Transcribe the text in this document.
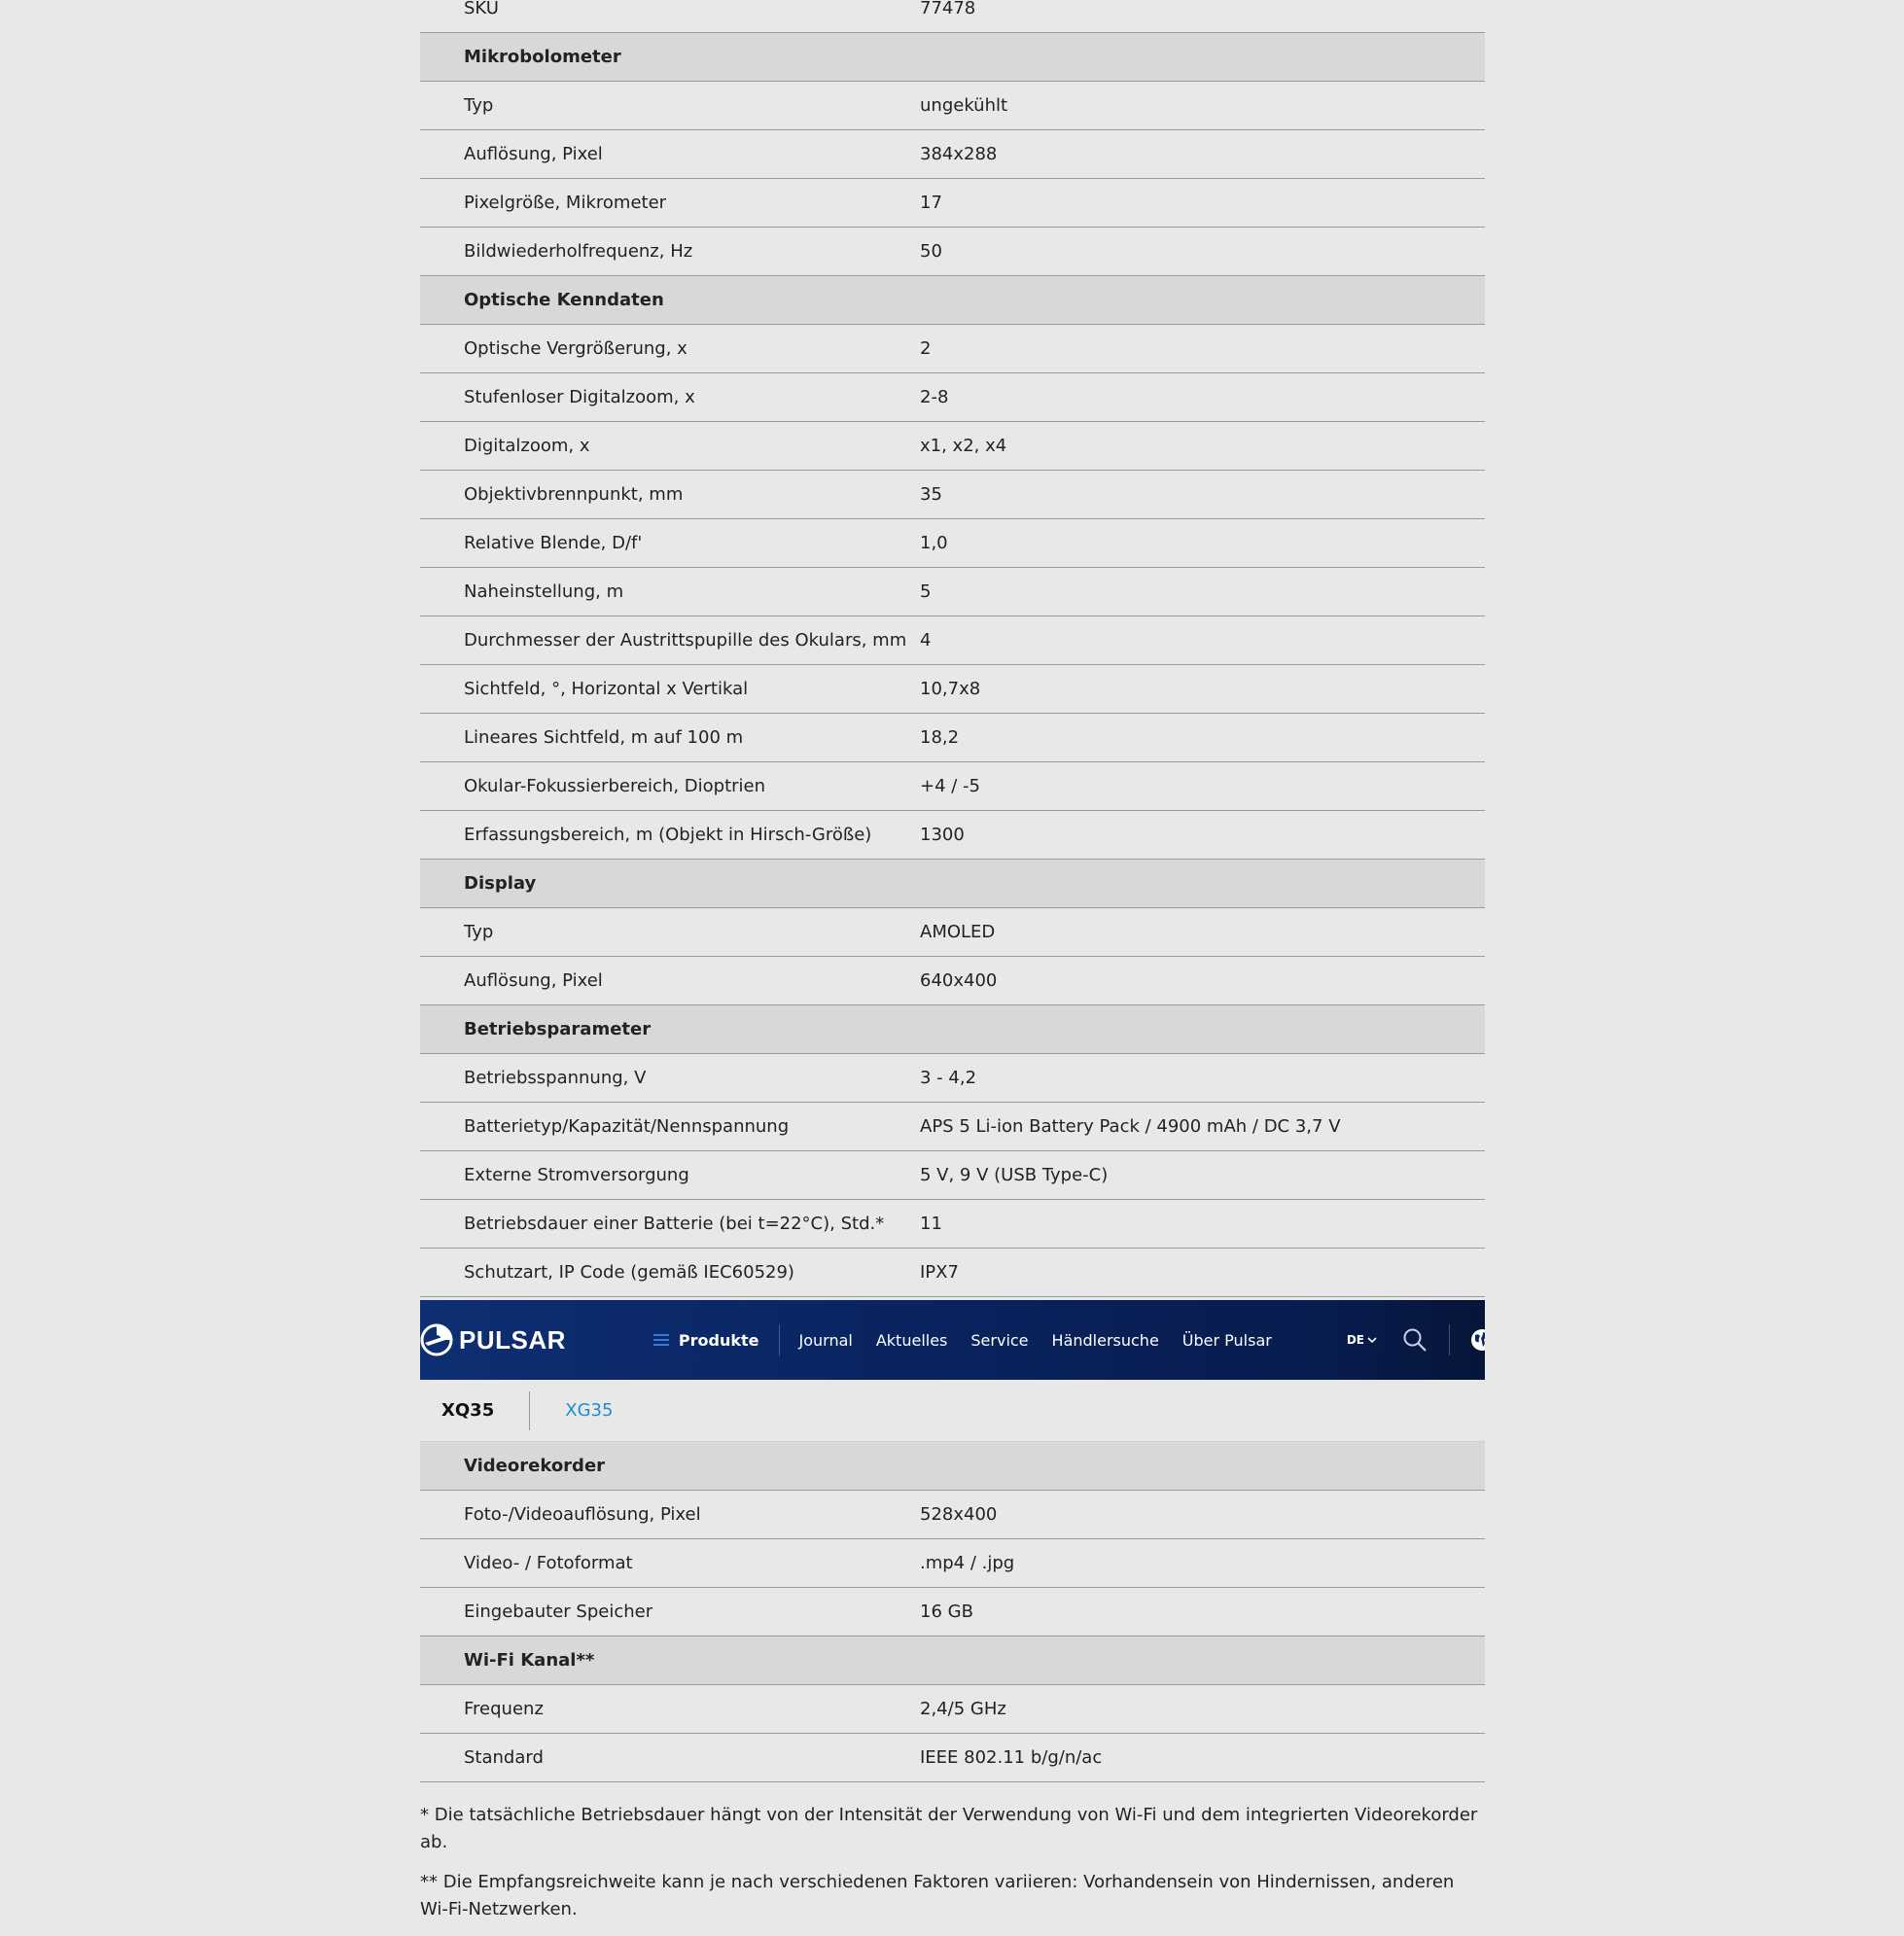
SKU	77478
Mikrobolometer
Typ	ungekühlt
Auflösung, Pixel	384x288
Pixelgröße, Mikrometer	17
Bildwiederholfrequenz, Hz	50
Optische Kenndaten
Optische Vergrößerung, x	2
Stufenloser Digitalzoom, x	2-8
Digitalzoom, x	x1, x2, x4
Objektivbrennpunkt, mm	35
Relative Blende, D/f'	1,0
Naheinstellung, m	5
Durchmesser der Austrittspupille des Okulars, mm 4
Sichtfeld, °, Horizontal x Vertikal	10,7x8
Lineares Sichtfeld, m auf 100 m	18,2
Okular-Fokussierbereich, Dioptrien	+4 / -5
Erfassungsbereich, m (Objekt in Hirsch-Größe)	1300
Display
Typ	AMOLED
Auflösung, Pixel	640x400
Betriebsparameter
Betriebsspannung, V	3 - 4,2
Batterietyp/Kapazität/Nennspannung	APS 5 Li-ion Battery Pack / 4900 mAh / DC 3,7 V
Externe Stromversorgung	5 V, 9 V (USB Type-C)
Betriebsdauer einer Batterie (bei t=22°C), Std.*	11
Schutzart, IP Code (gemäß IEC60529)	IPX7
PULSAR	Produkte	Journal Aktuelles Service Händlersuche Über Pulsar	DE
XQ35	XG35
Videorekorder
Foto-/Videoauflösung, Pixel	528x400
Video- / Fotoformat	.mp4 / .jpg
Eingebauter Speicher	16 GB
Wi-Fi Kanal**
Frequenz	2,4/5 GHz
Standard	IEEE 802.11 b/g/n/ac

* Die tatsächliche Betriebsdauer hängt von der Intensität der Verwendung von Wi-Fi und dem integrierten Videorekorder ab.

** Die Empfangsreichweite kann je nach verschiedenen Faktoren variieren: Vorhandensein von Hindernissen, anderen Wi-Fi-Netzwerken.
